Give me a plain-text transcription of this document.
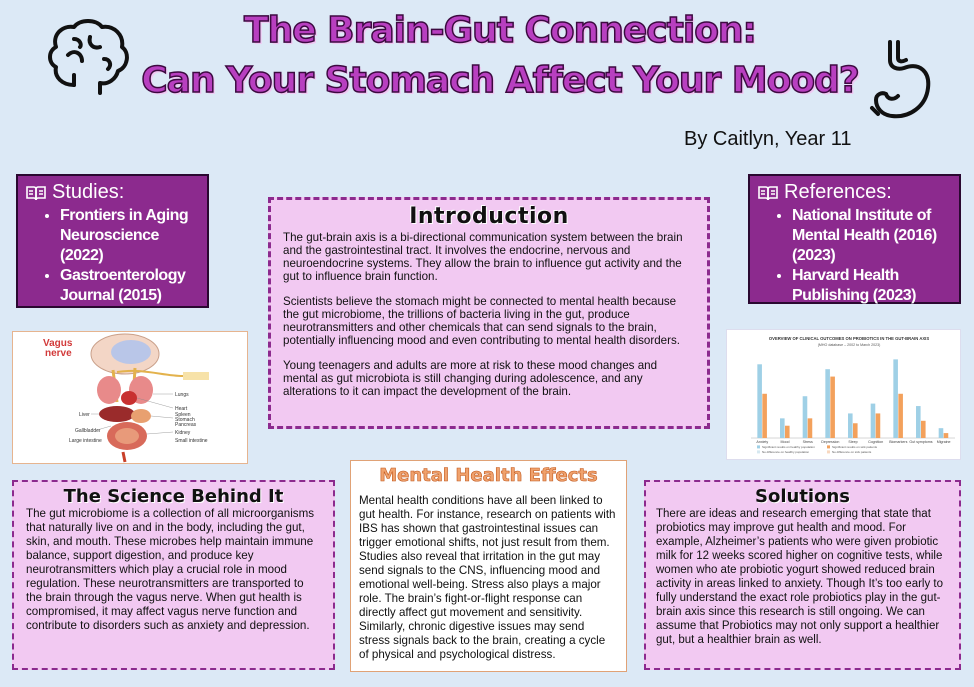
The Brain-Gut Connection:
Can Your Stomach Affect Your Mood?
By Caitlyn, Year 11
Studies:
• Frontiers in Aging Neuroscience (2022)
• Gastroenterology Journal (2015)
References:
• National Institute of Mental Health (2016) (2023)
• Harvard Health Publishing (2023)
Introduction

The gut-brain axis is a bi-directional communication system between the brain and the gastrointestinal tract. It involves the endocrine, nervous and neuroendocrine systems. They allow the brain to influence gut activity and the gut to influence brain function.

Scientists believe the stomach might be connected to mental health because the gut microbiome, the trillions of bacteria living in the gut, produce neurotransmitters and other chemicals that can send signals to the brain, potentially influencing mood and even contributing to mental health disorders.

Young teenagers and adults are more at risk to these mood changes and mental as gut microbiota is still changing during adolescence, and any alterations to it can impact the development of the brain.

Vagus
nerve
Lungs
Heart
Spleen
Stomach
Pancreas
Liver
Gallbladder	Kidney
Large intestine	Small intestine
OVERVIEW OF CLINICAL OUTCOMES ON PROBIOTICS IN THE GUT-BRAIN AXIS
(MHO database – 2002 to March 2023)
Anxiety	Mood	Stress Depression Sleep	Cognition Biomarkers Gut symptoms Migraine
Significant results on healthy population	Significant results on sick patients
No difference on healthy population	No difference on sick patients
The Science Behind It

The gut microbiome is a collection of all microorganisms that naturally live on and in the body, including the gut, skin, and mouth. These microbes help maintain immune balance, support digestion, and produce key neurotransmitters which play a crucial role in mood regulation. These neurotransmitters are transported to the brain through the vagus nerve. When gut health is compromised, it may affect vagus nerve function and contribute to disorders such as anxiety and depression.

Mental Health Effects

Mental health conditions have all been linked to gut health. For instance, research on patients with IBS has shown that gastrointestinal issues can trigger emotional shifts, not just result from them. Studies also reveal that irritation in the gut may send signals to the CNS, influencing mood and emotional well-being. Stress also plays a major role. The brain’s fight-or-flight response can directly affect gut movement and sensitivity. Similarly, chronic digestive issues may send stress signals back to the brain, creating a cycle of physical and psychological distress.

Solutions

There are ideas and research emerging that state that probiotics may improve gut health and mood. For example, Alzheimer’s patients who were given probiotic milk for 12 weeks scored higher on cognitive tests, while women who ate probiotic yogurt showed reduced brain activity in areas linked to anxiety. Though It’s too early to fully understand the exact role probiotics play in the gut-brain axis since this research is still ongoing. We can assume that Probiotics may not only support a healthier gut, but a healthier brain as well.
